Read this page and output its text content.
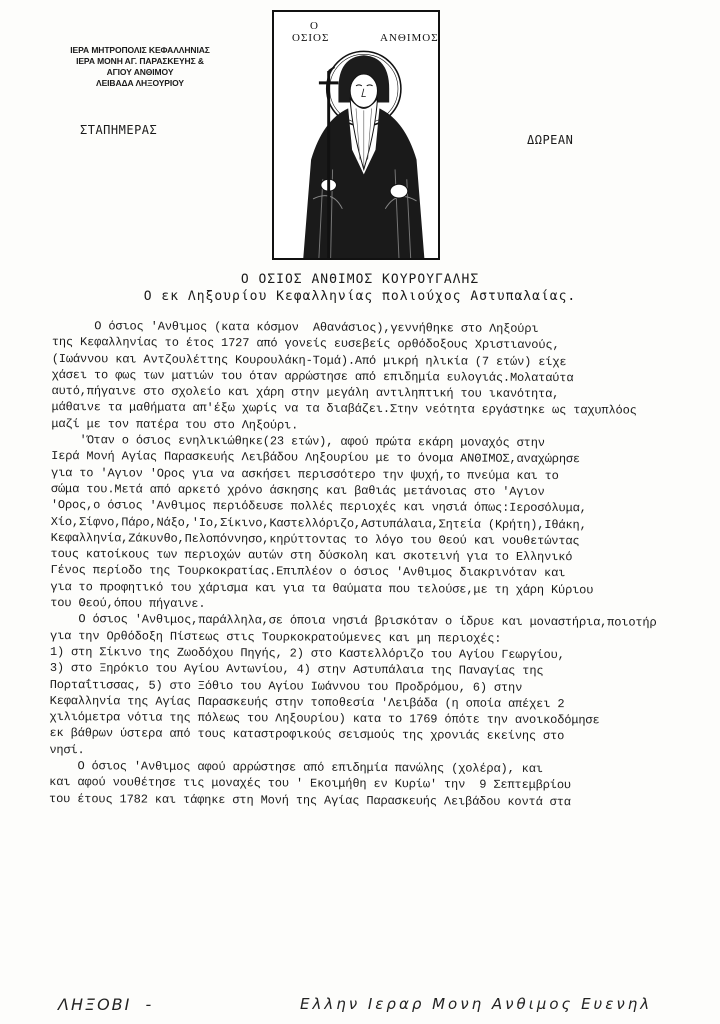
ΙΕΡΑ ΜΗΤΡΟΠΟΛΙΣ ΚΕΦΑΛΛΗΝΙΑΣ
ΙΕΡΑ ΜΟΝΗ ΑΓ. ΠΑΡΑΣΚΕΥΗΣ &
ΑΓΙΟΥ ΑΝΘΙΜΟΥ
ΛΕΙΒΑΔΑ ΛΗΞΟΥΡΙΟΥ
ΣΤΑΠΗΜΕΡΑΣ
ΔΩΡΕΑΝ
Ο
ΟΣΙΟΣ	ΑΝΘΙΜΟΣ
Ο ΟΣΙΟΣ ΑΝΘΙΜΟΣ ΚΟΥΡΟΥΓΑΛΗΣ
Ο εκ Ληξουρίου Κεφαλληνίας πολιούχος Αστυπαλαίας.

Ο όσιος 'Ανθιμος (κατα κόσμον  Αθανάσιος),γεννήθηκε στο Ληξούρι

της Κεφαλληνίας το έτος 1727 από γονείς ευσεβείς ορθόδοξους Χριστιανούς,

(Ιωάννου και Αντζουλέττης Κουρουλάκη-Τομά).Από μικρή ηλικία (7 ετών) είχε

χάσει το φως των ματιών του όταν αρρώστησε από επιδημία ευλογιάς.Μολαταύτα

αυτό,πήγαινε στο σχολείο και χάρη στην μεγάλη αντιληπτική του ικανότητα,

μάθαινε τα μαθήματα απ'έξω χωρίς να τα διαβάζει.Στην νεότητα εργάστηκε ως ταχυπλόος

μαζί με τον πατέρα του στο Ληξούρι.

'Όταν ο όσιος ενηλικιώθηκε(23 ετών), αφού πρώτα εκάρη μοναχός στην

Ιερά Μονή Αγίας Παρασκευής Λειβάδου Ληξουρίου με το όνομα ΑΝΘΙΜΟΣ,αναχώρησε

για το 'Αγιον 'Ορος για να ασκήσει περισσότερο την ψυχή,το πνεύμα και το

σώμα του.Μετά από αρκετό χρόνο άσκησης και βαθιάς μετάνοιας στο 'Αγιον

'Ορος,ο όσιος 'Ανθιμος περιόδευσε πολλές περιοχές και νησιά όπως:Ιεροσόλυμα,

Χίο,Σίφνο,Πάρο,Νάξο,'Ιο,Σίκινο,Καστελλόριζο,Αστυπάλαια,Σητεία (Κρήτη),Ιθάκη,

Κεφαλληνία,Ζάκυνθο,Πελοπόννησο,κηρύττοντας το λόγο του Θεού και νουθετώντας

τους κατοίκους των περιοχών αυτών στη δύσκολη και σκοτεινή για το Ελληνικό

Γένος περίοδο της Τουρκοκρατίας.Επιπλέον ο όσιος 'Ανθιμος διακρινόταν και

για το προφητικό του χάρισμα και για τα θαύματα που τελούσε,με τη χάρη Κύριου

του Θεού,όπου πήγαινε.

Ο όσιος 'Ανθιμος,παράλληλα,σε όποια νησιά βρισκόταν ο ίδρυε και μοναστήρια,ποιοτήρ

για την Ορθόδοξη Πίστεως στις Τουρκοκρατούμενες και μη περιοχές:

1) στη Σίκινο της Ζωοδόχου Πηγής, 2) στο Καστελλόριζο του Αγίου Γεωργίου,

3) στο Ξηρόκιο του Αγίου Αντωνίου, 4) στην Αστυπάλαια της Παναγίας της

Πορταΐτισσας, 5) στο Ξόθιο του Αγίου Ιωάννου του Προδρόμου, 6) στην

Κεφαλληνία της Αγίας Παρασκευής στην τοποθεσία 'Λειβάδα (η οποία απέχει 2

χιλιόμετρα νότια της πόλεως του Ληξουρίου) κατα το 1769 όπότε την ανοικοδόμησε

εκ βάθρων ύστερα από τους καταστροφικούς σεισμούς της χρονιάς εκείνης στο

νησί.

Ο όσιος 'Ανθιμος αφού αρρώστησε από επιδημία πανώλης (χολέρα), και

και αφού νουθέτησε τις μοναχές του ' Εκοιμήθη εν Κυρίω' την  9 Σεπτεμβρίου

του έτους 1782 και τάφηκε στη Μονή της Αγίας Παρασκευής Λειβάδου κοντά στα

ΛΗΞΟΒΙ  -	Ελλην Ιεραρ Μονη Ανθιμος Ευενηλ
